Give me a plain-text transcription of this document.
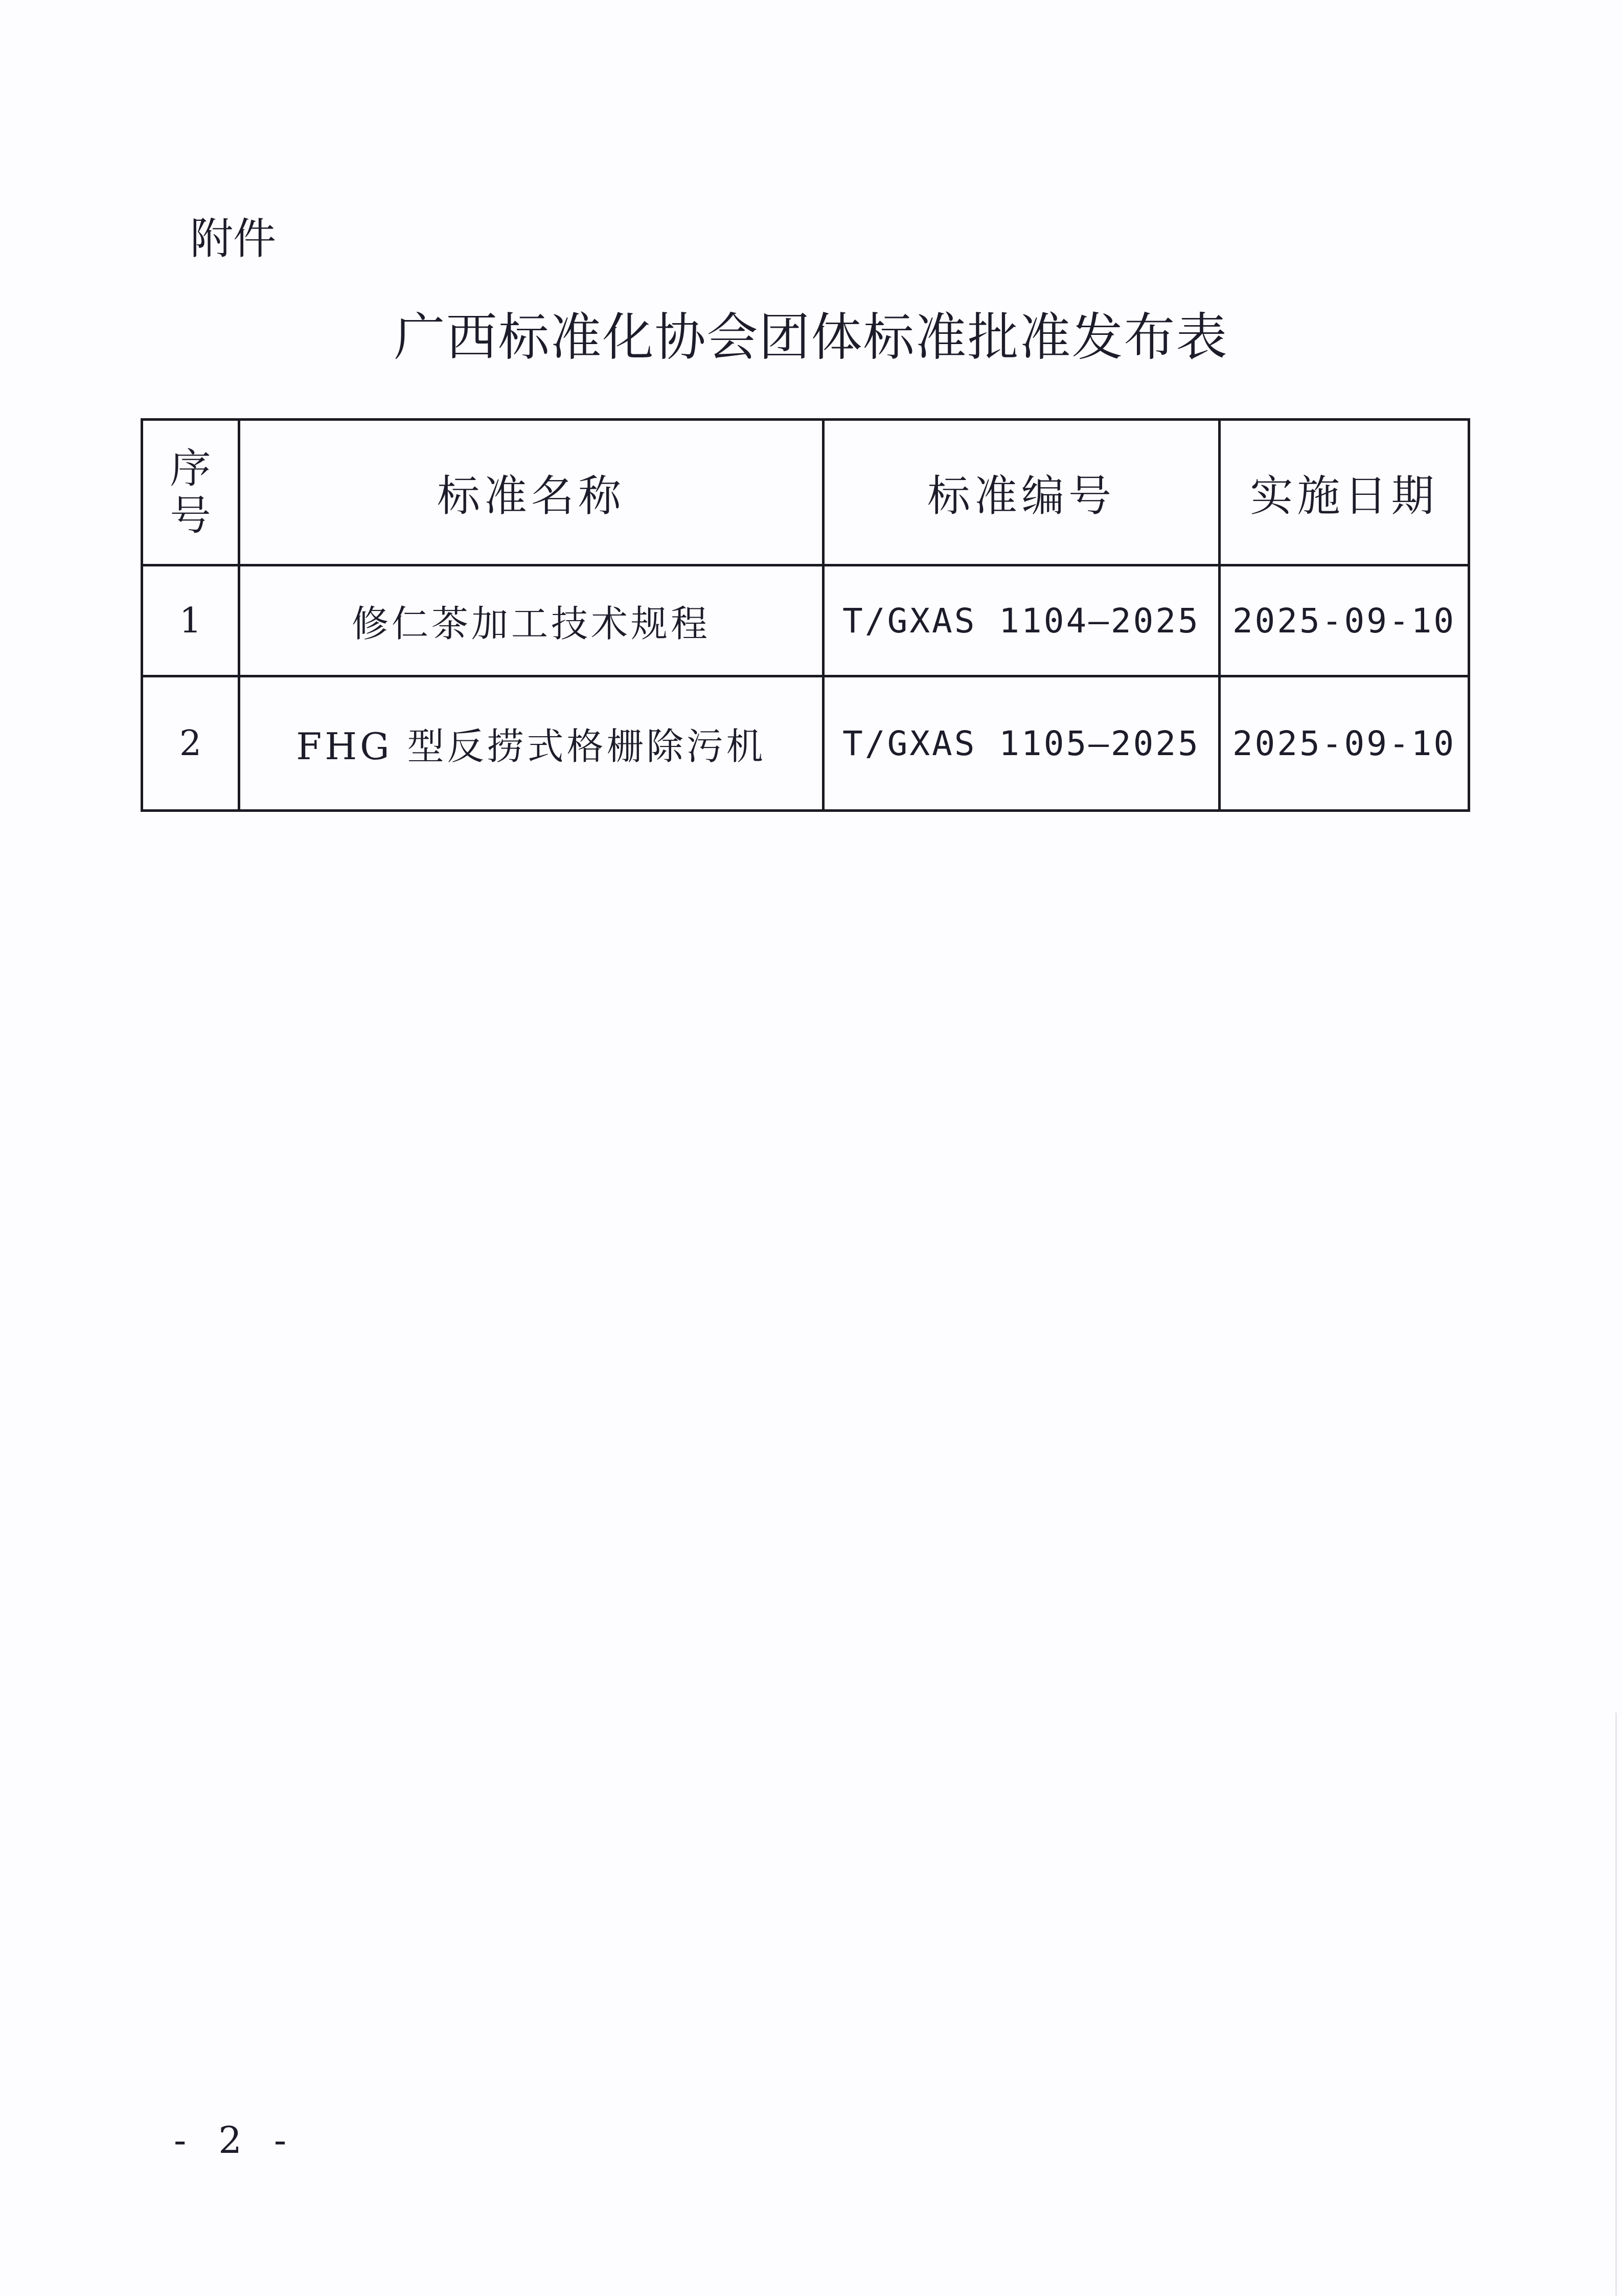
附件
广西标准化协会团体标准批准发布表
序
号	标准名称	标准编号	实施日期
1	修仁茶加工技术规程	T/GXAS 1104—2025	2025-09-10
2	FHG 型反捞式格栅除污机	T/GXAS 1105—2025	2025-09-10
- 2 -
